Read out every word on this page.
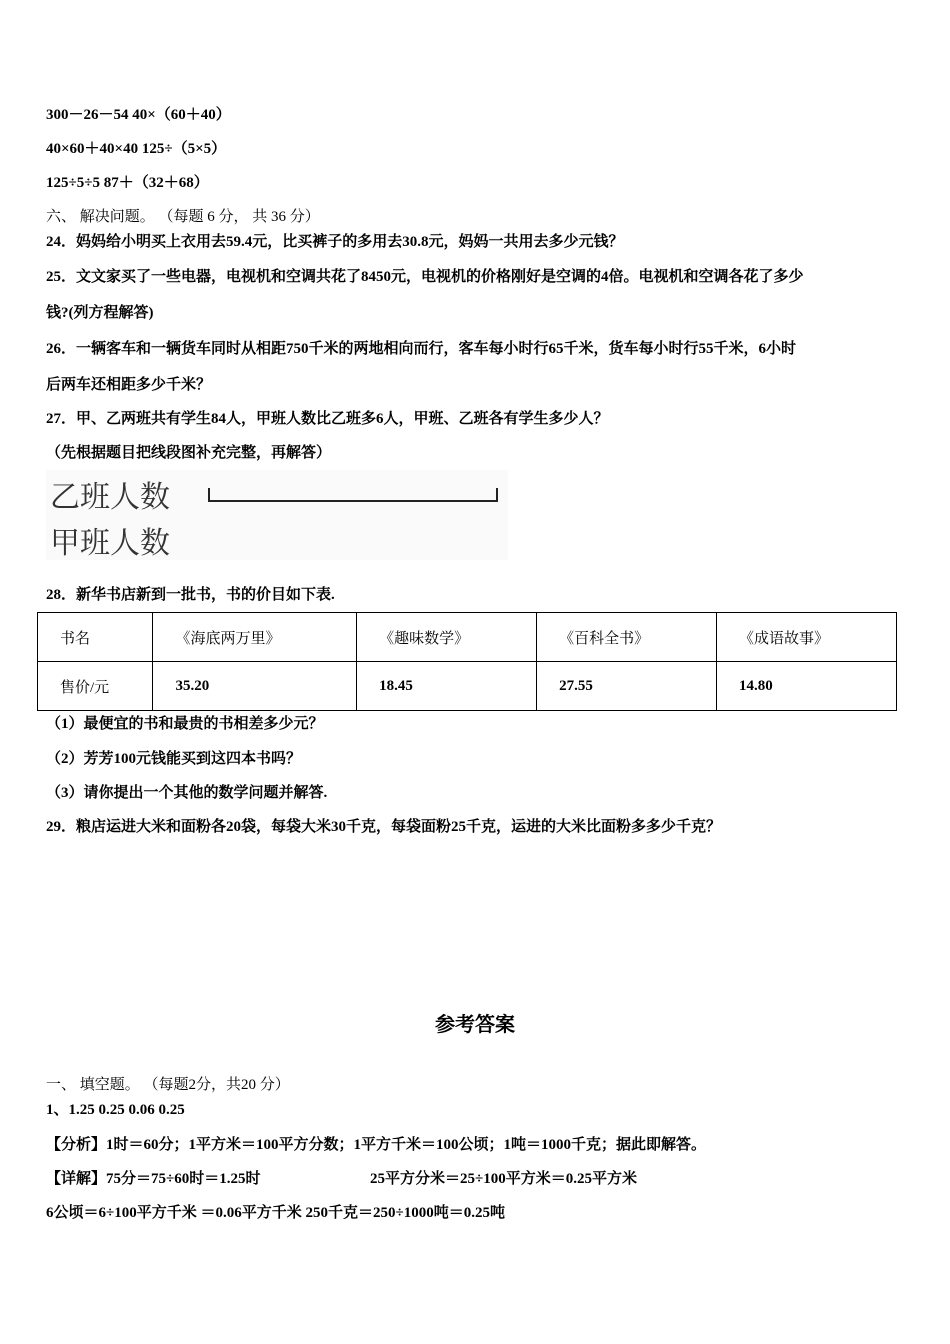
300－26－54 40×（60＋40）
40×60＋40×40 125÷（5×5）
125÷5÷5 87＋（32＋68）
六、 解决问题。 （每题 6 分， 共 36 分）
24．妈妈给小明买上衣用去59.4元，比买裤子的多用去30.8元，妈妈一共用去多少元钱？
25．文文家买了一些电器，电视机和空调共花了8450元，电视机的价格刚好是空调的4倍。电视机和空调各花了多少
钱?(列方程解答)
26．一辆客车和一辆货车同时从相距750千米的两地相向而行，客车每小时行65千米，货车每小时行55千米，6小时
后两车还相距多少千米？
27．甲、乙两班共有学生84人，甲班人数比乙班多6人，甲班、乙班各有学生多少人？
（先根据题目把线段图补充完整，再解答）
乙班人数
甲班人数
28．新华书店新到一批书，书的价目如下表.
书名	《海底两万里》	《趣味数学》	《百科全书》	《成语故事》
售价/元	35.20	18.45	27.55	14.80
（1）最便宜的书和最贵的书相差多少元？
（2）芳芳100元钱能买到这四本书吗？
（3）请你提出一个其他的数学问题并解答.
29．粮店运进大米和面粉各20袋，每袋大米30千克，每袋面粉25千克，运进的大米比面粉多多少千克？
参考答案
一、 填空题。 （每题2分，共20 分）
1、1.25 0.25 0.06 0.25
【分析】1时＝60分；1平方米＝100平方分数；1平方千米＝100公顷；1吨＝1000千克；据此即解答。
【详解】75分＝75÷60时＝1.25时	25平方分米＝25÷100平方米＝0.25平方米
6公顷＝6÷100平方千米 ＝0.06平方千米 250千克＝250÷1000吨＝0.25吨
